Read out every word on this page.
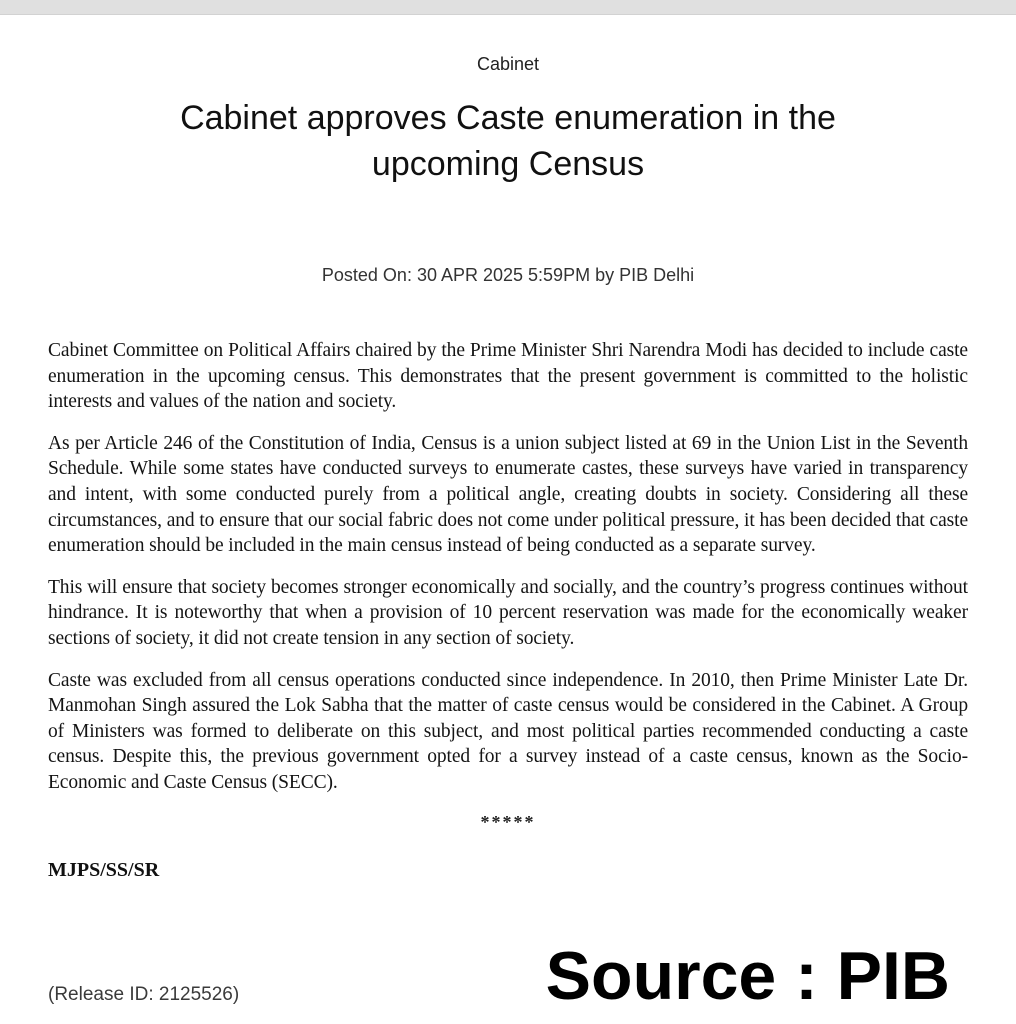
Cabinet
Cabinet approves Caste enumeration in the upcoming Census
Posted On: 30 APR 2025 5:59PM by PIB Delhi

Cabinet Committee on Political Affairs chaired by the Prime Minister Shri Narendra Modi has decided to include caste enumeration in the upcoming census. This demonstrates that the present government is committed to the holistic interests and values of the nation and society.

As per Article 246 of the Constitution of India, Census is a union subject listed at 69 in the Union List in the Seventh Schedule. While some states have conducted surveys to enumerate castes, these surveys have varied in transparency and intent, with some conducted purely from a political angle, creating doubts in society. Considering all these circumstances, and to ensure that our social fabric does not come under political pressure, it has been decided that caste enumeration should be included in the main census instead of being conducted as a separate survey.

This will ensure that society becomes stronger economically and socially, and the country’s progress continues without hindrance. It is noteworthy that when a provision of 10 percent reservation was made for the economically weaker sections of society, it did not create tension in any section of society.

Caste was excluded from all census operations conducted since independence. In 2010, then Prime Minister Late Dr. Manmohan Singh assured the Lok Sabha that the matter of caste census would be considered in the Cabinet. A Group of Ministers was formed to deliberate on this subject, and most political parties recommended conducting a caste census. Despite this, the previous government opted for a survey instead of a caste census, known as the Socio-Economic and Caste Census (SECC).

*****
MJPS/SS/SR
(Release ID: 2125526)	Source : PIB
